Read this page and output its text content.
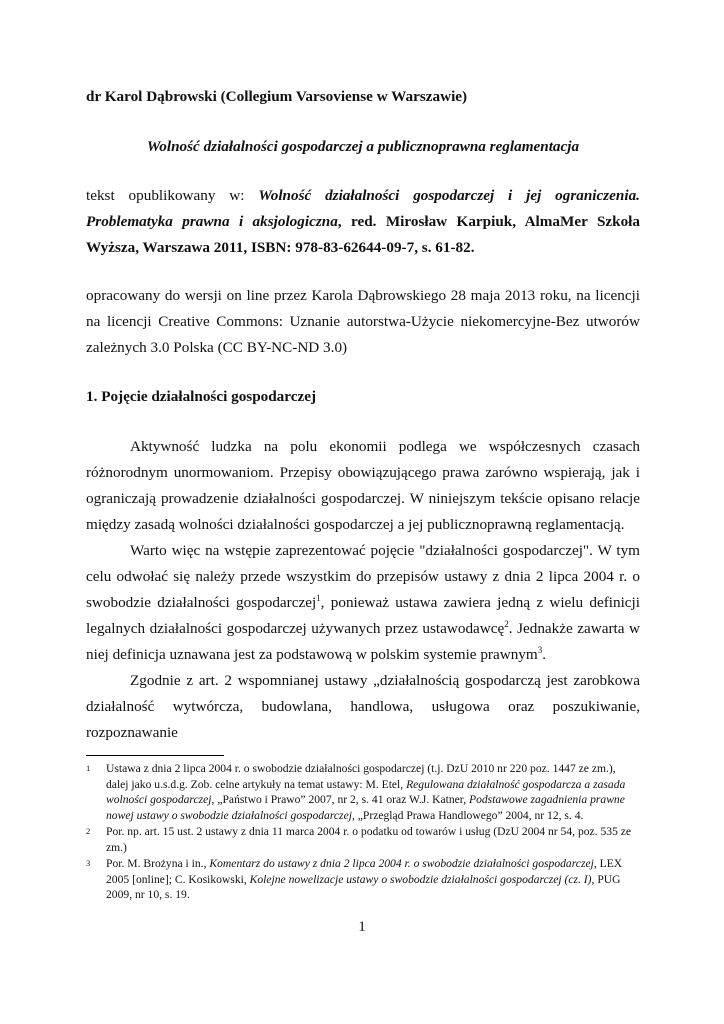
dr Karol Dąbrowski (Collegium Varsoviense w Warszawie)
Wolność działalności gospodarczej a publicznoprawna reglamentacja
tekst opublikowany w: Wolność działalności gospodarczej i jej ograniczenia. Problematyka prawna i aksjologiczna, red. Mirosław Karpiuk, AlmaMer Szkoła Wyższa, Warszawa 2011, ISBN: 978-83-62644-09-7, s. 61-82.
opracowany do wersji on line przez Karola Dąbrowskiego 28 maja 2013 roku, na licencji na licencji Creative Commons: Uznanie autorstwa-Użycie niekomercyjne-Bez utworów zależnych 3.0 Polska (CC BY-NC-ND 3.0)
1. Pojęcie działalności gospodarczej

Aktywność ludzka na polu ekonomii podlega we współczesnych czasach różnorodnym unormowaniom. Przepisy obowiązującego prawa zarówno wspierają, jak i ograniczają prowadzenie działalności gospodarczej. W niniejszym tekście opisano relacje między zasadą wolności działalności gospodarczej a jej publicznoprawną reglamentacją.

Warto więc na wstępie zaprezentować pojęcie "działalności gospodarczej". W tym celu odwołać się należy przede wszystkim do przepisów ustawy z dnia 2 lipca 2004 r. o swobodzie działalności gospodarczej$^1$, ponieważ ustawa zawiera jedną z wielu definicji legalnych działalności gospodarczej używanych przez ustawodawcę$^2$. Jednakże zawarta w niej definicja uznawana jest za podstawową w polskim systemie prawnym$^3$.

Zgodnie z art. 2 wspomnianej ustawy „działalnością gospodarczą jest zarobkowa działalność wytwórcza, budowlana, handlowa, usługowa oraz poszukiwanie, rozpoznawanie

1	Ustawa z dnia 2 lipca 2004 r. o swobodzie działalności gospodarczej (t.j. DzU 2010 nr 220 poz. 1447 ze zm.), dalej jako u.s.d.g. Zob. celne artykuły na temat ustawy: M. Etel, Regulowana działalność gospodarcza a zasada wolności gospodarczej, „Państwo i Prawo” 2007, nr 2, s. 41 oraz W.J. Katner, Podstawowe zagadnienia prawne nowej ustawy o swobodzie działalności gospodarczej, „Przegląd Prawa Handlowego” 2004, nr 12, s. 4.
2	Por. np. art. 15 ust. 2 ustawy z dnia 11 marca 2004 r. o podatku od towarów i usług (DzU 2004 nr 54, poz. 535 ze zm.)
3	Por. M. Brożyna i in., Komentarz do ustawy z dnia 2 lipca 2004 r. o swobodzie działalności gospodarczej, LEX 2005 [online]; C. Kosikowski, Kolejne nowelizacje ustawy o swobodzie działalności gospodarczej (cz. I), PUG 2009, nr 10, s. 19.
1
